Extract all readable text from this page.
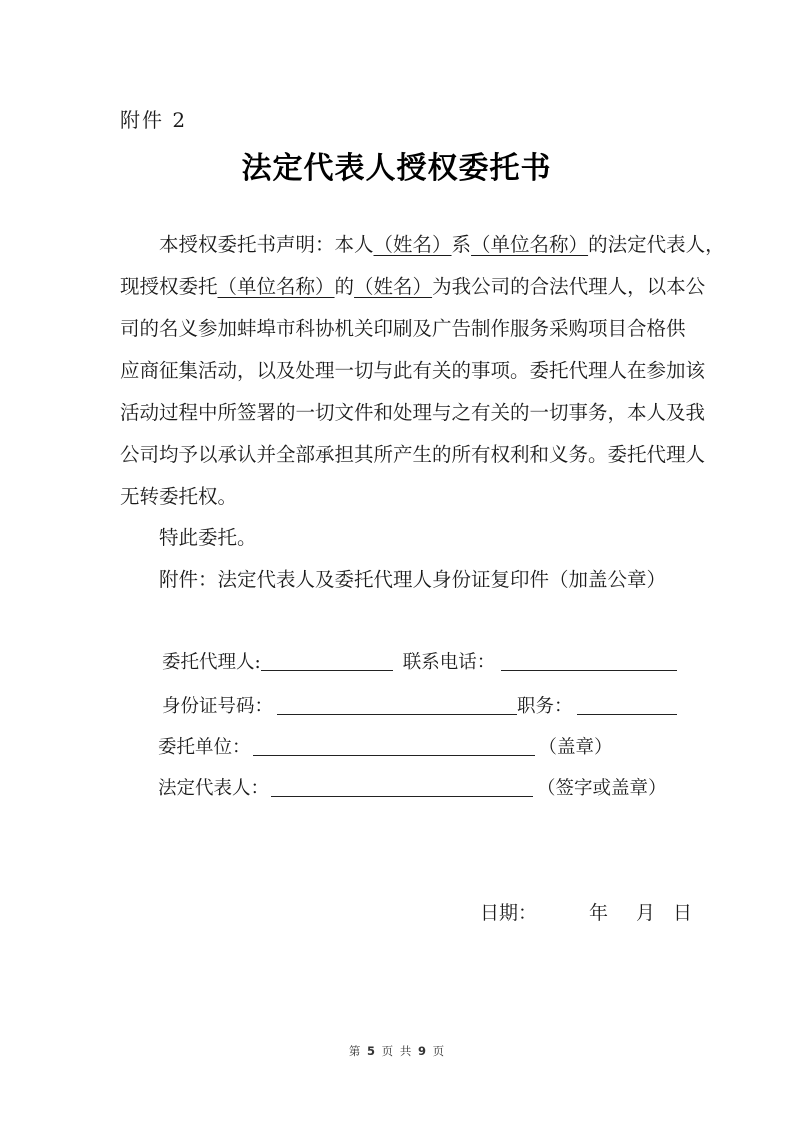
附件 2
法定代表人授权委托书
本授权委托书声明：本人（姓名）系（单位名称）的法定代表人，
现授权委托（单位名称）的（姓名）为我公司的合法代理人，以本公
司的名义参加蚌埠市科协机关印刷及广告制作服务采购项目合格供
应商征集活动，以及处理一切与此有关的事项。委托代理人在参加该
活动过程中所签署的一切文件和处理与之有关的一切事务，本人及我
公司均予以承认并全部承担其所产生的所有权利和义务。委托代理人
无转委托权。
特此委托。
附件：法定代表人及委托代理人身份证复印件（加盖公章）
委托代理人:	联系电话：
身份证号码：	职务：
委托单位：	（盖章）
法定代表人：	（签字或盖章）
日期：	年 月 日
第 5 页 共 9 页
